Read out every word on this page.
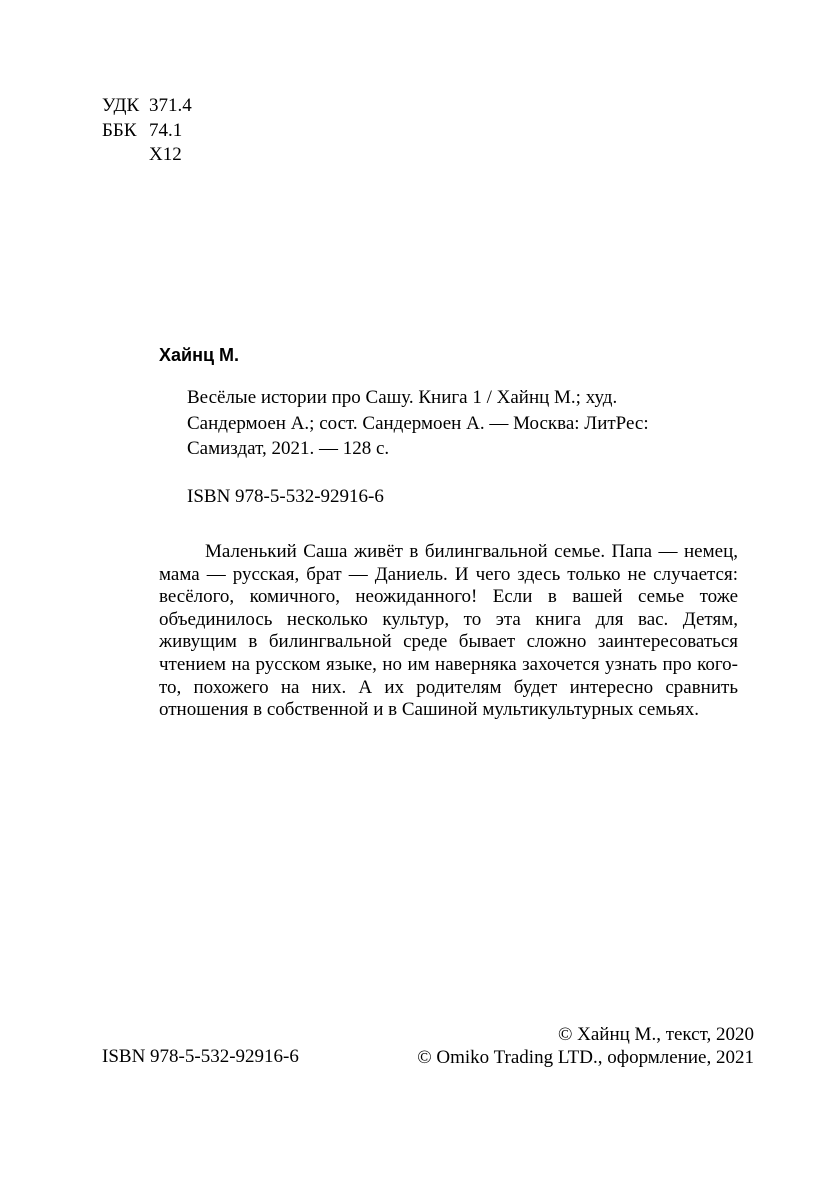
УДК 371.4
ББК 74.1
Х12
Хайнц М.
Весёлые истории про Сашу. Книга 1 / Хайнц М.; худ.
Сандермоен А.; сост. Сандермоен А. — Москва: ЛитРес:
Самиздат, 2021. — 128 с.
ISBN 978-5-532-92916-6

Маленький Саша живёт в билингвальной семье. Папа — немец, мама — русская, брат — Даниель. И чего здесь только не случается: весёлого, комичного, неожиданного! Если в вашей семье тоже объединилось несколько культур, то эта книга для вас. Детям, живущим в билингвальной среде бывает сложно заинтересоваться чтением на русском языке, но им наверняка захочется узнать про кого-то, похожего на них. А их родителям будет интересно сравнить отношения в собственной и в Сашиной мультикультурных семьях.

ISBN 978-5-532-92916-6
© Хайнц М., текст, 2020
© Omiko Trading LTD., оформление, 2021
